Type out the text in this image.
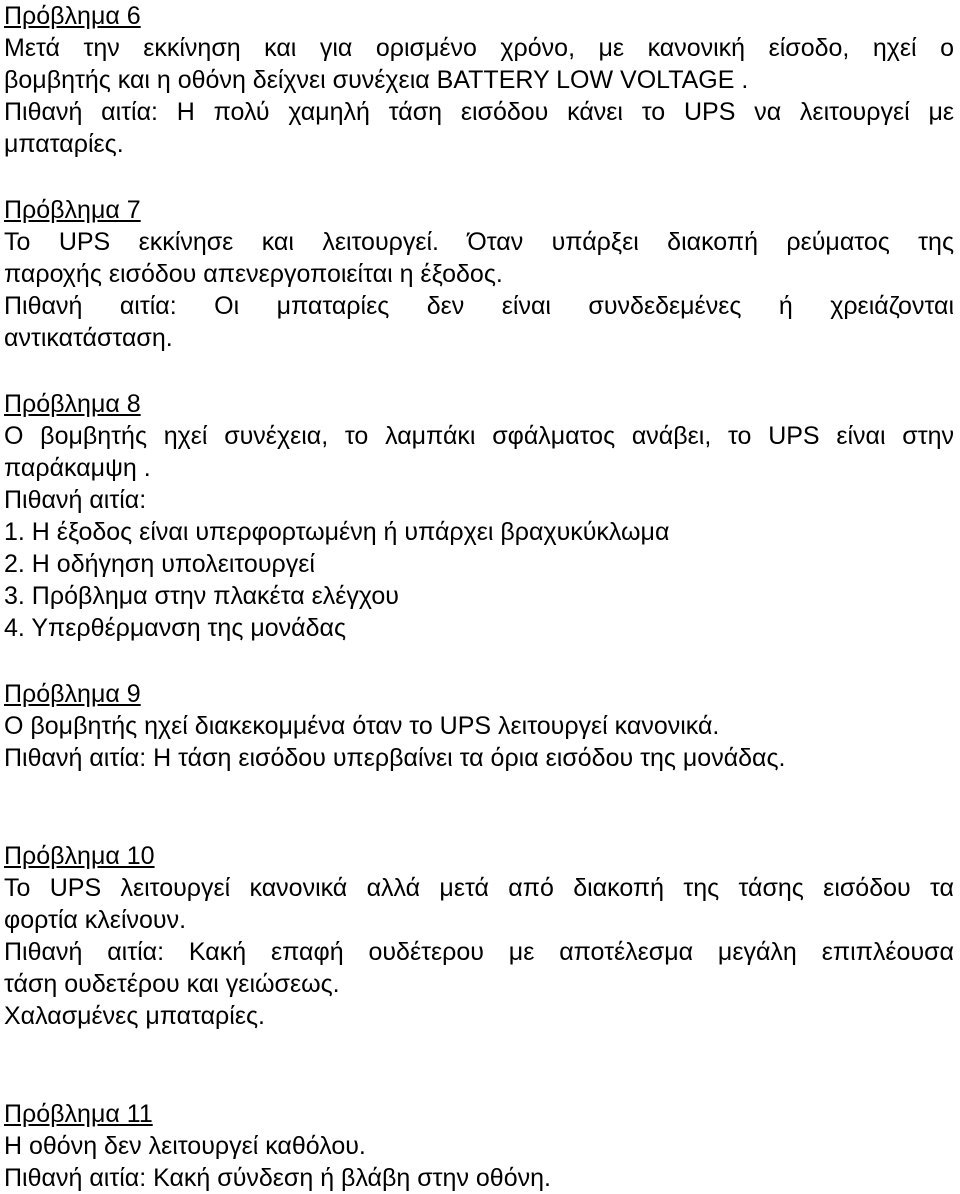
Πρόβλημα 6
Μετά την εκκίνηση και για ορισμένο χρόνο, με κανονική είσοδο, ηχεί ο
βομβητής και η οθόνη δείχνει συνέχεια BATTERY LOW VOLTAGE .
Πιθανή αιτία: Η πολύ χαμηλή τάση εισόδου κάνει το UPS να λειτουργεί με
μπαταρίες.
Πρόβλημα 7
Το UPS εκκίνησε και λειτουργεί. Όταν υπάρξει διακοπή ρεύματος της
παροχής εισόδου απενεργοποιείται η έξοδος.
Πιθανή αιτία: Οι μπαταρίες δεν είναι συνδεδεμένες ή χρειάζονται
αντικατάσταση.
Πρόβλημα 8
Ο βομβητής ηχεί συνέχεια, το λαμπάκι σφάλματος ανάβει, το UPS είναι στην
παράκαμψη .
Πιθανή αιτία:
1. Η έξοδος είναι υπερφορτωμένη ή υπάρχει βραχυκύκλωμα
2. Η οδήγηση υπολειτουργεί
3. Πρόβλημα στην πλακέτα ελέγχου
4. Υπερθέρμανση της μονάδας
Πρόβλημα 9
Ο βομβητής ηχεί διακεκομμένα όταν το UPS λειτουργεί κανονικά.
Πιθανή αιτία: Η τάση εισόδου υπερβαίνει τα όρια εισόδου της μονάδας.
Πρόβλημα 10
Το UPS λειτουργεί κανονικά αλλά μετά από διακοπή της τάσης εισόδου τα
φορτία κλείνουν.
Πιθανή αιτία: Κακή επαφή ουδέτερου με αποτέλεσμα μεγάλη επιπλέουσα
τάση ουδετέρου και γειώσεως.
Χαλασμένες μπαταρίες.
Πρόβλημα 11
Η οθόνη δεν λειτουργεί καθόλου.
Πιθανή αιτία: Κακή σύνδεση ή βλάβη στην οθόνη.
